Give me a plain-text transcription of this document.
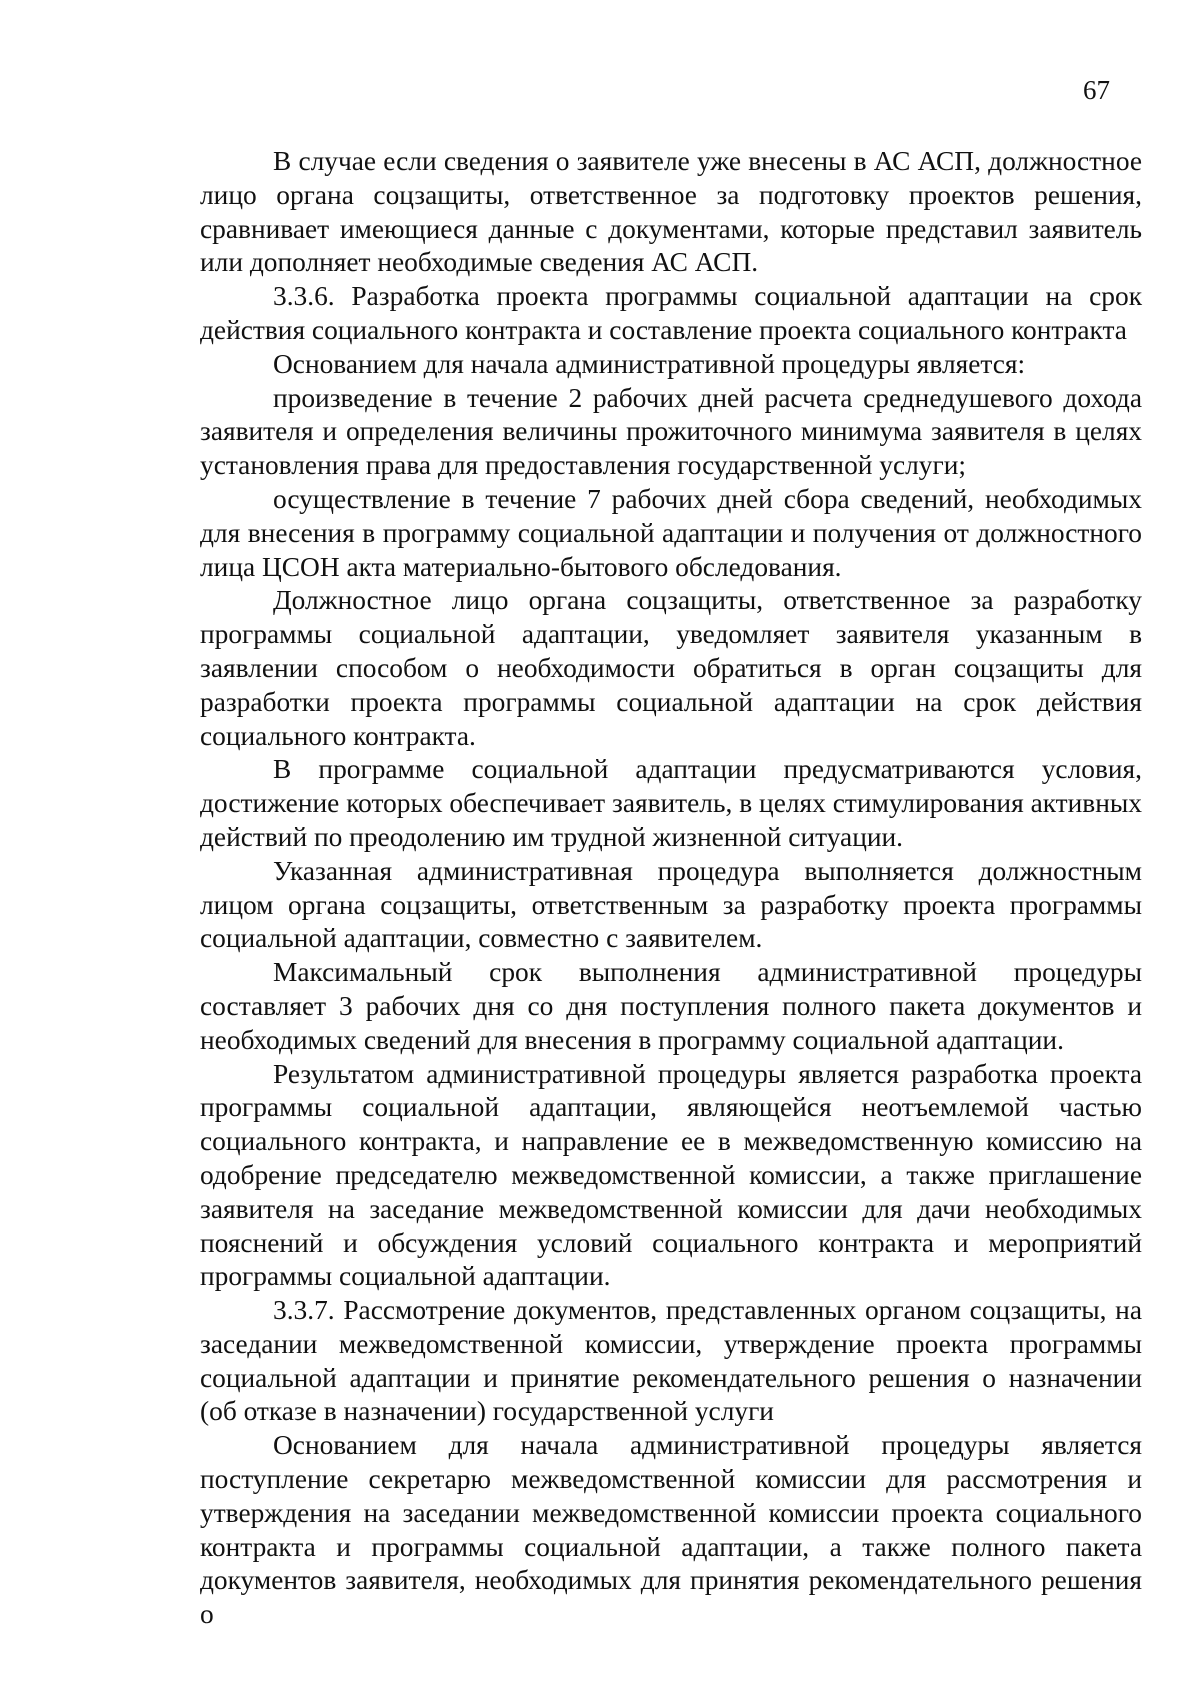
67

В случае если сведения о заявителе уже внесены в АС АСП, должностное лицо органа соцзащиты, ответственное за подготовку проектов решения, сравнивает имеющиеся данные с документами, которые представил заявитель или дополняет необходимые сведения АС АСП.

3.3.6. Разработка проекта программы социальной адаптации на срок действия социального контракта и составление проекта социального контракта

Основанием для начала административной процедуры является:

произведение в течение 2 рабочих дней расчета среднедушевого дохода заявителя и определения величины прожиточного минимума заявителя в целях установления права для предоставления государственной услуги;

осуществление в течение 7 рабочих дней сбора сведений, необходимых для внесения в программу социальной адаптации и получения от должностного лица ЦСОН акта материально-бытового обследования.

Должностное лицо органа соцзащиты, ответственное за разработку программы социальной адаптации, уведомляет заявителя указанным в заявлении способом о необходимости обратиться в орган соцзащиты для разработки проекта программы социальной адаптации на срок действия социального контракта.

В программе социальной адаптации предусматриваются условия, достижение которых обеспечивает заявитель, в целях стимулирования активных действий по преодолению им трудной жизненной ситуации.

Указанная административная процедура выполняется должностным лицом органа соцзащиты, ответственным за разработку проекта программы социальной адаптации, совместно с заявителем.

Максимальный срок выполнения административной процедуры составляет 3 рабочих дня со дня поступления полного пакета документов и необходимых сведений для внесения в программу социальной адаптации.

Результатом административной процедуры является разработка проекта программы социальной адаптации, являющейся неотъемлемой частью социального контракта, и направление ее в межведомственную комиссию на одобрение председателю межведомственной комиссии, а также приглашение заявителя на заседание межведомственной комиссии для дачи необходимых пояснений и обсуждения условий социального контракта и мероприятий программы социальной адаптации.

3.3.7. Рассмотрение документов, представленных органом соцзащиты, на заседании межведомственной комиссии, утверждение проекта программы социальной адаптации и принятие рекомендательного решения о назначении (об отказе в назначении) государственной услуги

Основанием для начала административной процедуры является поступление секретарю межведомственной комиссии для рассмотрения и утверждения на заседании межведомственной комиссии проекта социального контракта и программы социальной адаптации, а также полного пакета документов заявителя, необходимых для принятия рекомендательного решения о
